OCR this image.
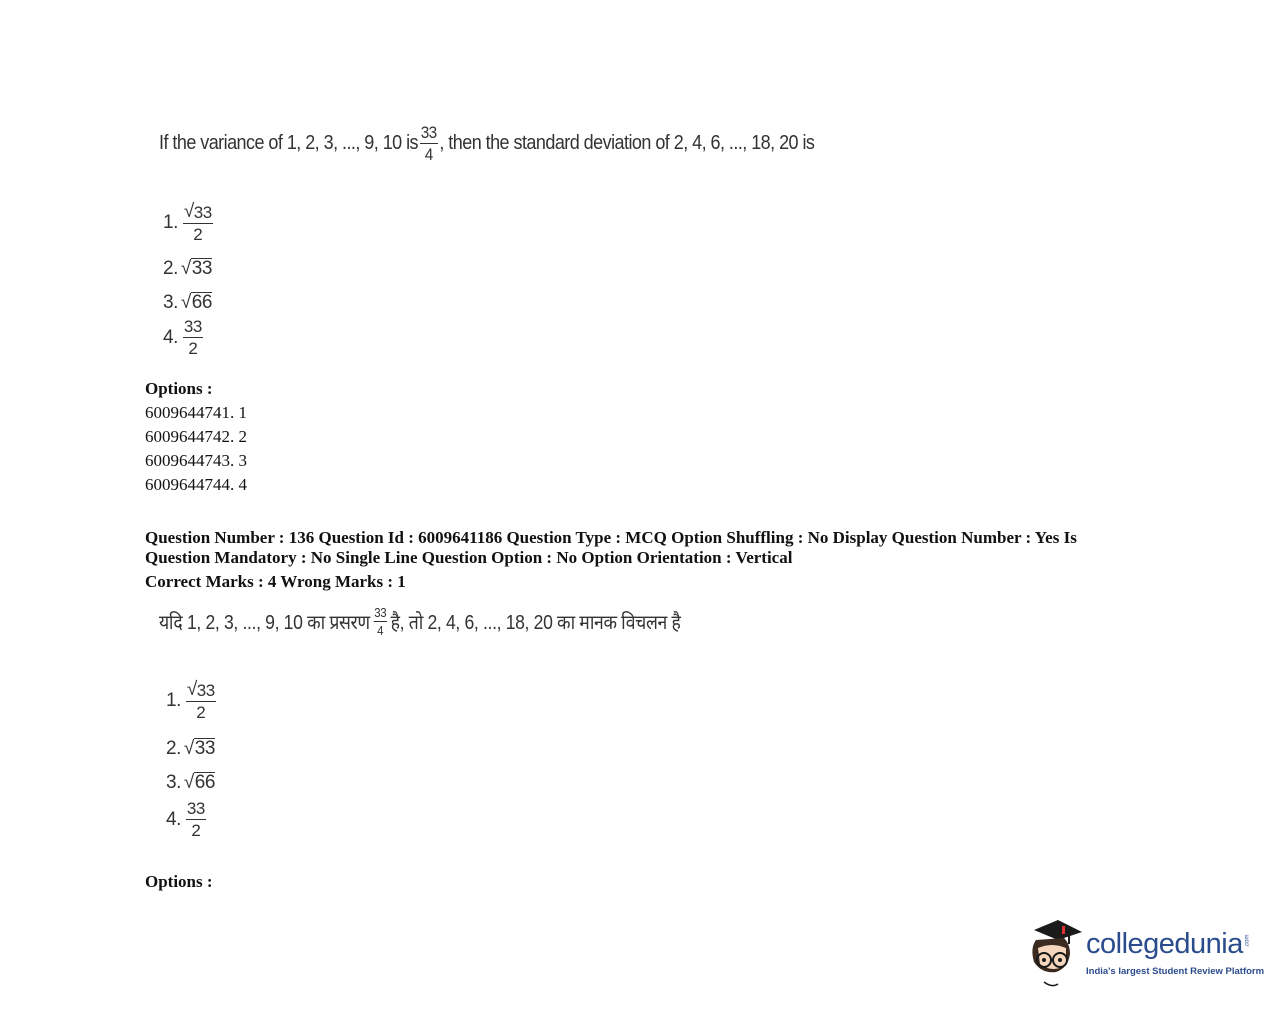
If the variance of 1, 2, 3, ..., 9, 10 is $\frac{33}{4}$ , then the standard deviation of 2, 4, 6, ..., 18, 20 is
1. $\frac{√ 33}{2}$
2. √ 33
3. √ 66
4. $\frac{33}{2}$
Options :
6009644741. 1
6009644742. 2
6009644743. 3
6009644744. 4
Question Number : 136 Question Id : 6009641186 Question Type : MCQ Option Shuffling : No Display Question Number : Yes Is
Question Mandatory : No Single Line Question Option : No Option Orientation : Vertical
Correct Marks : 4 Wrong Marks : 1
यदि 1, 2, 3, ..., 9, 10 का प्रसरण $\frac{33}{4}$ है, तो 2, 4, 6, ..., 18, 20 का मानक विचलन है
1. $\frac{√ 33}{2}$
2. √ 33
3. √ 66
4. $\frac{33}{2}$
Options :
collegedunia .com
India's largest Student Review Platform
